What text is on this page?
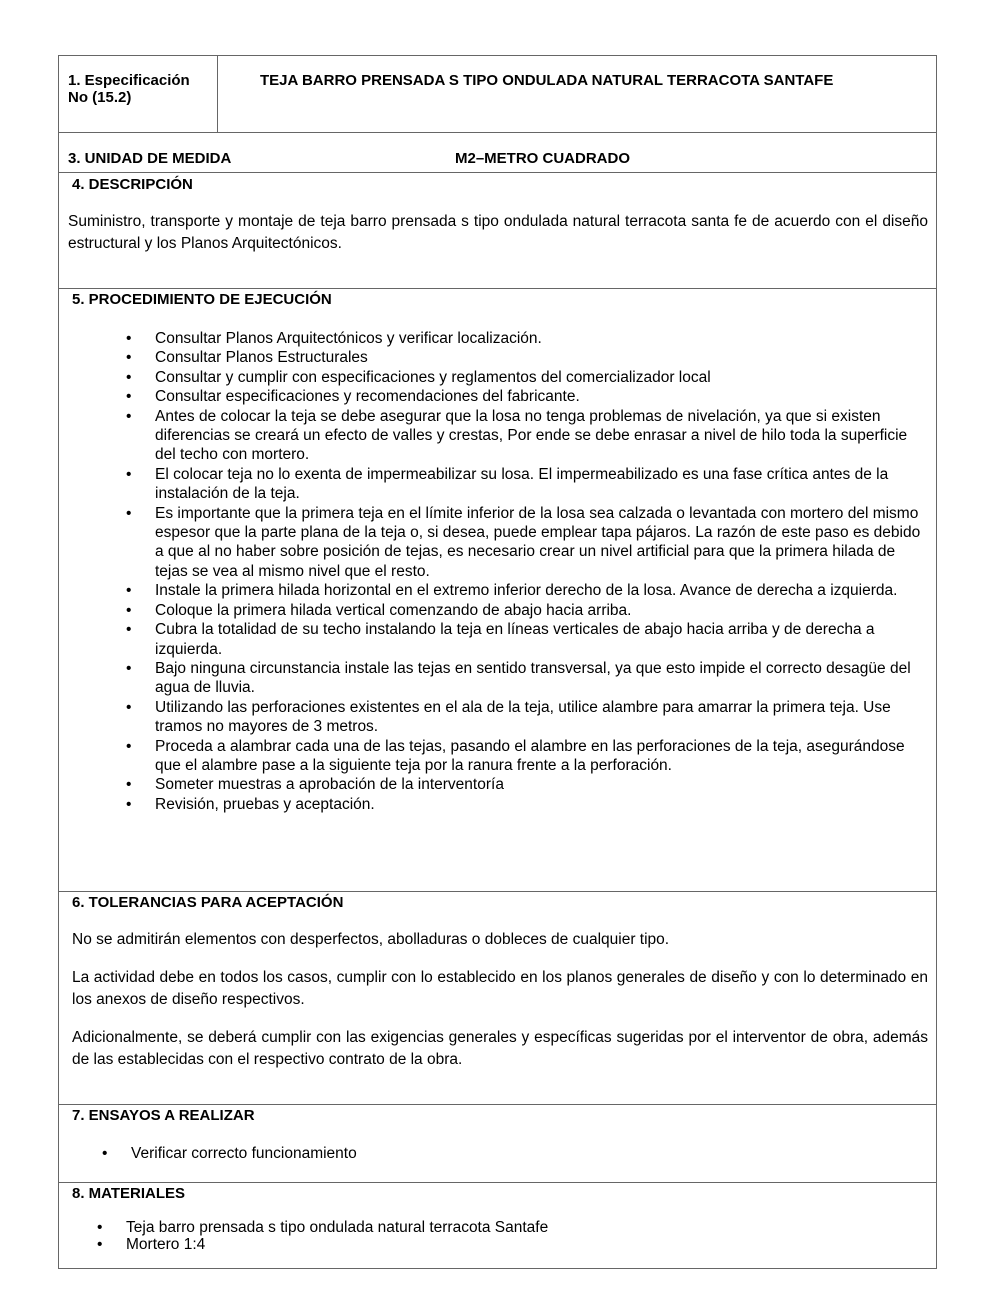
1. Especificación No (15.2)
TEJA BARRO PRENSADA S TIPO ONDULADA NATURAL TERRACOTA SANTAFE
3. UNIDAD DE MEDIDA	M2–METRO CUADRADO
4. DESCRIPCIÓN
Suministro, transporte y montaje de teja barro prensada s tipo ondulada natural terracota santa fe de acuerdo con el diseño estructural y los Planos Arquitectónicos.
5. PROCEDIMIENTO DE EJECUCIÓN
• Consultar Planos Arquitectónicos y verificar localización.
• Consultar Planos Estructurales
• Consultar y cumplir con especificaciones y reglamentos del comercializador local
• Consultar especificaciones y recomendaciones del fabricante.
• Antes de colocar la teja se debe asegurar que la losa no tenga problemas de nivelación, ya que si existen diferencias se creará un efecto de valles y crestas, Por ende se debe enrasar a nivel de hilo toda la superficie del techo con mortero.
• El colocar teja no lo exenta de impermeabilizar su losa. El impermeabilizado es una fase crítica antes de la instalación de la teja.
• Es importante que la primera teja en el límite inferior de la losa sea calzada o levantada con mortero del mismo espesor que la parte plana de la teja o, si desea, puede emplear tapa pájaros. La razón de este paso es debido a que al no haber sobre posición de tejas, es necesario crear un nivel artificial para que la primera hilada de tejas se vea al mismo nivel que el resto.
• Instale la primera hilada horizontal en el extremo inferior derecho de la losa. Avance de derecha a izquierda.
• Coloque la primera hilada vertical comenzando de abajo hacia arriba.
• Cubra la totalidad de su techo instalando la teja en líneas verticales de abajo hacia arriba y de derecha a izquierda.
• Bajo ninguna circunstancia instale las tejas en sentido transversal, ya que esto impide el correcto desagüe del agua de lluvia.
• Utilizando las perforaciones existentes en el ala de la teja, utilice alambre para amarrar la primera teja. Use tramos no mayores de 3 metros.
• Proceda a alambrar cada una de las tejas, pasando el alambre en las perforaciones de la teja, asegurándose que el alambre pase a la siguiente teja por la ranura frente a la perforación.
• Someter muestras a aprobación de la interventoría
• Revisión, pruebas y aceptación.
6. TOLERANCIAS PARA ACEPTACIÓN
No se admitirán elementos con desperfectos, abolladuras o dobleces de cualquier tipo.
La actividad debe en todos los casos, cumplir con lo establecido en los planos generales de diseño y con lo determinado en los anexos de diseño respectivos.
Adicionalmente, se deberá cumplir con las exigencias generales y específicas sugeridas por el interventor de obra, además de las establecidas con el respectivo contrato de la obra.
7. ENSAYOS A REALIZAR
• Verificar correcto funcionamiento
8. MATERIALES
• Teja barro prensada s tipo ondulada natural terracota Santafe
• Mortero 1:4
